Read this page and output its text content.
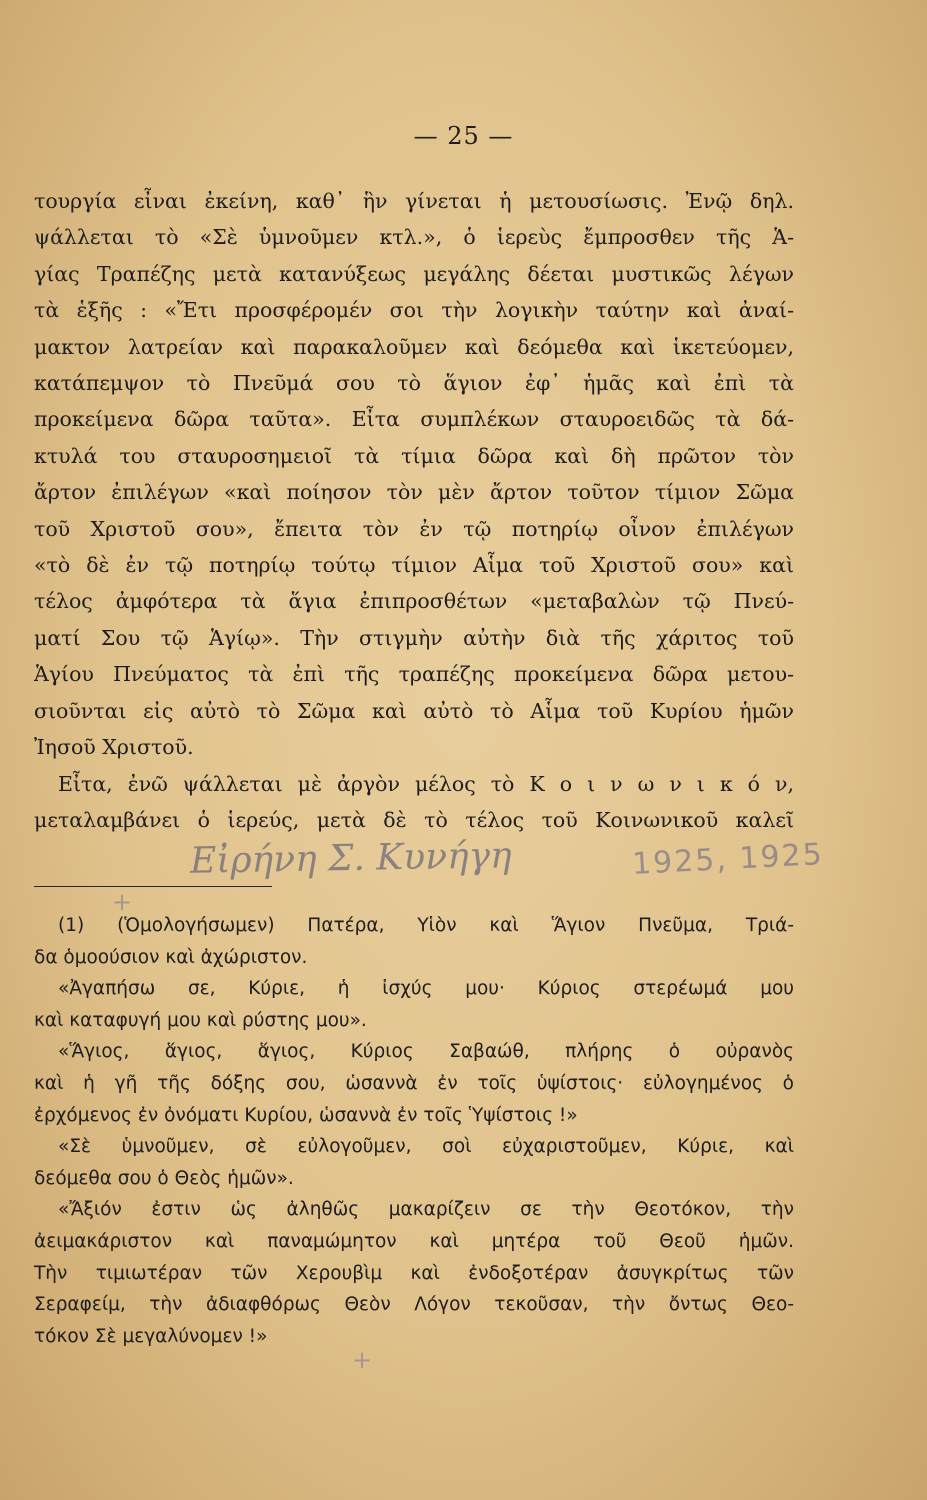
— 25 —
τουργία εἶναι ἐκείνη, καθ᾽ ἣν γίνεται ἡ μετουσίωσις. Ἐνῷ δηλ.
ψάλλεται τὸ «Σὲ ὑμνοῦμεν κτλ.», ὁ ἱερεὺς ἔμπροσθεν τῆς Ἁ-
γίας Τραπέζης μετὰ κατανύξεως μεγάλης δέεται μυστικῶς λέγων
τὰ ἑξῆς : «Ἔτι προσφέρομέν σοι τὴν λογικὴν ταύτην καὶ ἀναί-
μακτον λατρείαν καὶ παρακαλοῦμεν καὶ δεόμεθα καὶ ἱκετεύομεν,
κατάπεμψον τὸ Πνεῦμά σου τὸ ἅγιον ἐφ᾽ ἡμᾶς καὶ ἐπὶ τὰ
προκείμενα δῶρα ταῦτα». Εἶτα συμπλέκων σταυροειδῶς τὰ δά-
κτυλά του σταυροσημειοῖ τὰ τίμια δῶρα καὶ δὴ πρῶτον τὸν
ἄρτον ἐπιλέγων «καὶ ποίησον τὸν μὲν ἄρτον τοῦτον τίμιον Σῶμα
τοῦ Χριστοῦ σου», ἔπειτα τὸν ἐν τῷ ποτηρίῳ οἶνον ἐπιλέγων
«τὸ δὲ ἐν τῷ ποτηρίῳ τούτῳ τίμιον Αἷμα τοῦ Χριστοῦ σου» καὶ
τέλος ἀμφότερα τὰ ἅγια ἐπιπροσθέτων «μεταβαλὼν τῷ Πνεύ-
ματί Σου τῷ Ἁγίῳ». Τὴν στιγμὴν αὐτὴν διὰ τῆς χάριτος τοῦ
Ἁγίου Πνεύματος τὰ ἐπὶ τῆς τραπέζης προκείμενα δῶρα μετου-
σιοῦνται εἰς αὐτὸ τὸ Σῶμα καὶ αὐτὸ τὸ Αἷμα τοῦ Κυρίου ἡμῶν
Ἰησοῦ Χριστοῦ.
Εἶτα, ἐνῶ ψάλλεται μὲ ἀργὸν μέλος τὸ Κ ο ι ν ω ν ι κ ό ν,
μεταλαμβάνει ὁ ἱερεύς, μετὰ δὲ τὸ τέλος τοῦ Κοινωνικοῦ καλεῖ
Εἰρήνη Σ. Κυνήγη	1925, 1925
+
+
(1) (Ὁμολογήσωμεν) Πατέρα, Υἱὸν καὶ Ἅγιον Πνεῦμα, Τριά-
δα ὁμοούσιον καὶ ἀχώριστον.
«Ἀγαπήσω σε, Κύριε, ἡ ἰσχύς μου· Κύριος στερέωμά μου
καὶ καταφυγή μου καὶ ρύστης μου».
«Ἅγιος, ἅγιος, ἅγιος, Κύριος Σαβαώθ, πλήρης ὁ οὐρανὸς
καὶ ἡ γῆ τῆς δόξης σου, ὡσαννὰ ἐν τοῖς ὑψίστοις· εὐλογημένος ὁ
ἐρχόμενος ἐν ὀνόματι Κυρίου, ὡσαννὰ ἐν τοῖς Ὑψίστοις !»
«Σὲ ὑμνοῦμεν, σὲ εὐλογοῦμεν, σοὶ εὐχαριστοῦμεν, Κύριε, καὶ
δεόμεθα σου ὁ Θεὸς ἡμῶν».
«Ἄξιόν ἐστιν ὡς ἀληθῶς μακαρίζειν σε τὴν Θεοτόκον, τὴν
ἀειμακάριστον καὶ παναμώμητον καὶ μητέρα τοῦ Θεοῦ ἡμῶν.
Τὴν τιμιωτέραν τῶν Χερουβὶμ καὶ ἐνδοξοτέραν ἀσυγκρίτως τῶν
Σεραφείμ, τὴν ἀδιαφθόρως Θεὸν Λόγον τεκοῦσαν, τὴν ὄντως Θεο-
τόκον Σὲ μεγαλύνομεν !»
